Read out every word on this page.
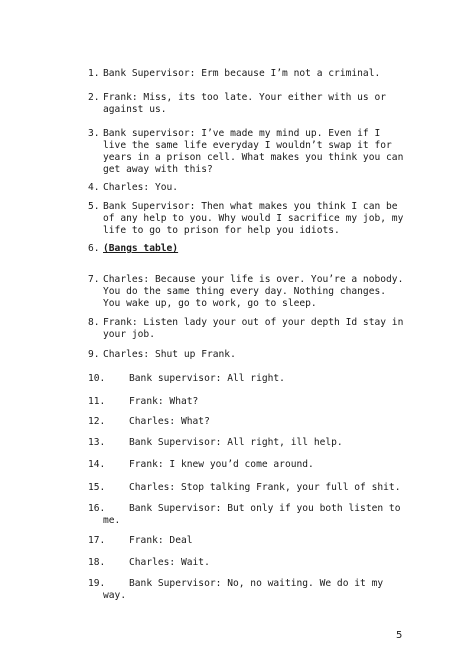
1. Bank Supervisor: Erm because I’m not a criminal.
2. Frank: Miss, its too late. Your either with us or
against us.
3. Bank supervisor: I’ve made my mind up. Even if I
live the same life everyday I wouldn’t swap it for
years in a prison cell. What makes you think you can
get away with this?
4. Charles: You.
5. Bank Supervisor: Then what makes you think I can be
of any help to you. Why would I sacrifice my job, my
life to go to prison for help you idiots.
6. (Bangs table)
7. Charles: Because your life is over. You’re a nobody.
You do the same thing every day. Nothing changes.
You wake up, go to work, go to sleep.
8. Frank: Listen lady your out of your depth Id stay in
your job.
9. Charles: Shut up Frank.
10. Bank supervisor: All right.
11. Frank: What?
12. Charles: What?
13. Bank Supervisor: All right, ill help.
14. Frank: I knew you’d come around.
15. Charles: Stop talking Frank, your full of shit.
16. Bank Supervisor: But only if you both listen to
me.
17. Frank: Deal
18. Charles: Wait.
19. Bank Supervisor: No, no waiting. We do it my
way.
5
